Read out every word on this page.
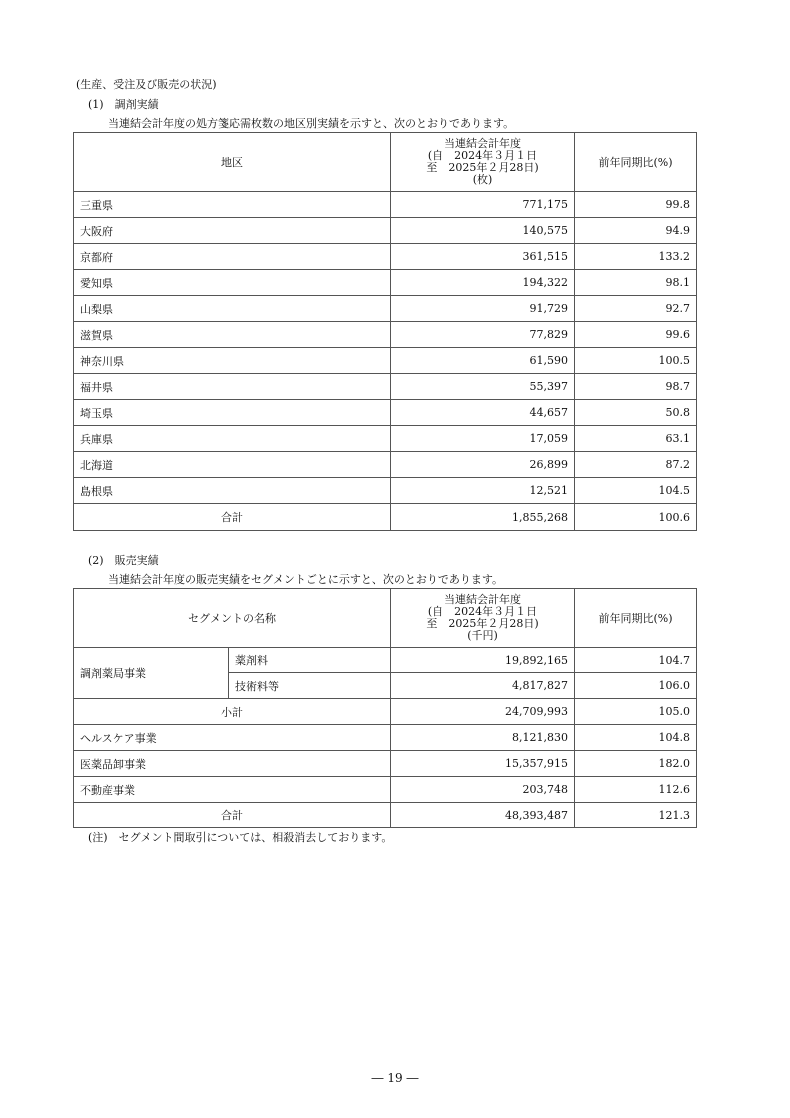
(生産、受注及び販売の状況)
(1)　調剤実績
当連結会計年度の処方箋応需枚数の地区別実績を示すと、次のとおりであります。
地区	当連結会計年度
(自　2024年３月１日
至　2025年２月28日)
(枚)	前年同期比(%)
三重県	771,175	99.8
大阪府	140,575	94.9
京都府	361,515	133.2
愛知県	194,322	98.1
山梨県	91,729	92.7
滋賀県	77,829	99.6
神奈川県	61,590	100.5
福井県	55,397	98.7
埼玉県	44,657	50.8
兵庫県	17,059	63.1
北海道	26,899	87.2
島根県	12,521	104.5
合計	1,855,268	100.6
(2)　販売実績
当連結会計年度の販売実績をセグメントごとに示すと、次のとおりであります。
セグメントの名称		当連結会計年度
(自　2024年３月１日
至　2025年２月28日)
(千円)	前年同期比(%)
調剤薬局事業	薬剤料	19,892,165	104.7
	技術料等	4,817,827	106.0
小計		24,709,993	105.0
ヘルスケア事業		8,121,830	104.8
医薬品卸事業		15,357,915	182.0
不動産事業		203,748	112.6
合計		48,393,487	121.3
(注)　セグメント間取引については、相殺消去しております。
― 19 ―
